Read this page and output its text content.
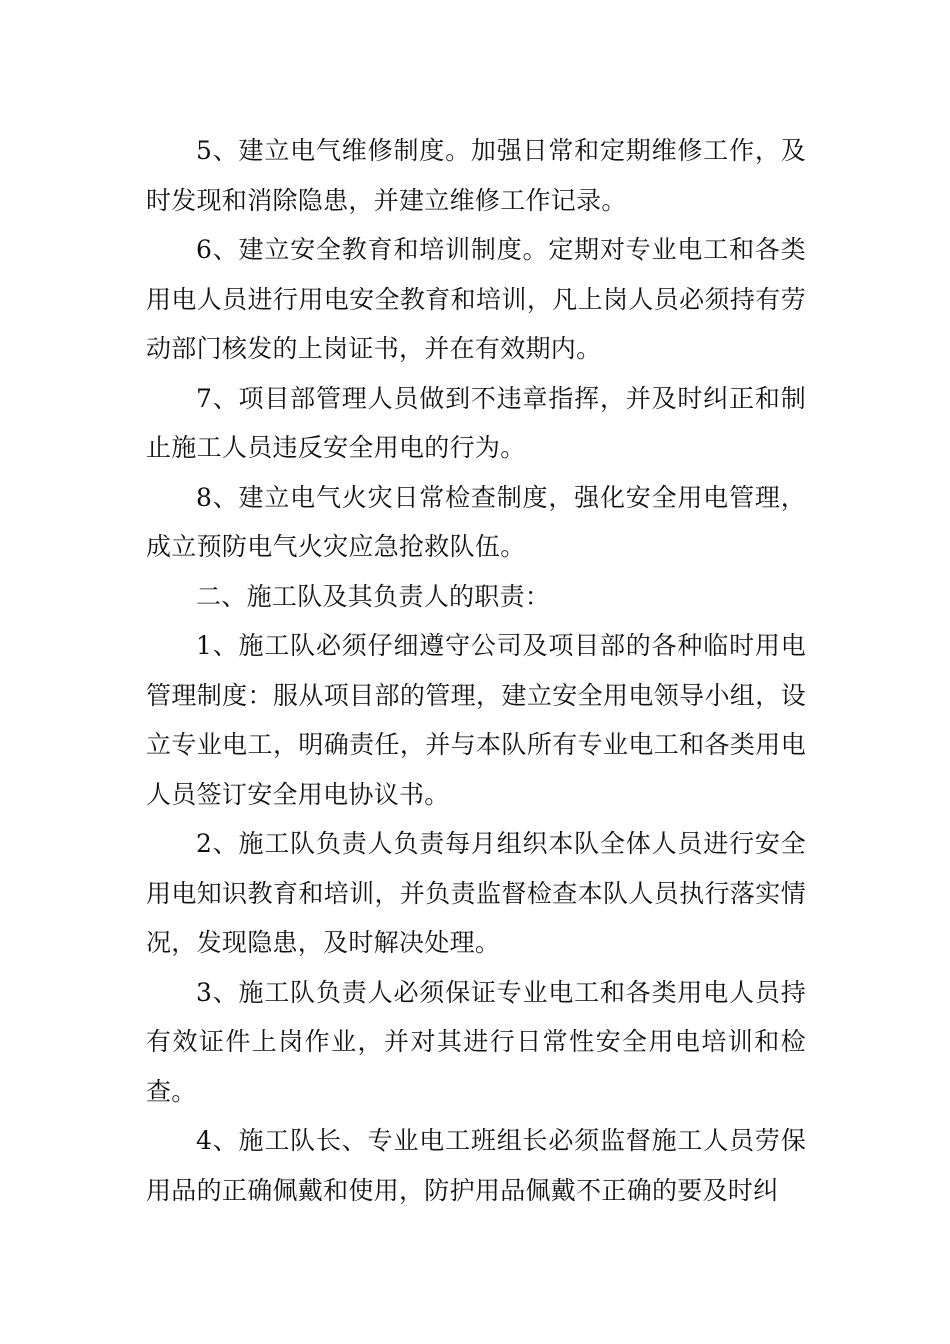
5、建立电气维修制度。加强日常和定期维修工作，及时发现和消除隐患，并建立维修工作记录。

6、建立安全教育和培训制度。定期对专业电工和各类用电人员进行用电安全教育和培训，凡上岗人员必须持有劳动部门核发的上岗证书，并在有效期内。

7、项目部管理人员做到不违章指挥，并及时纠正和制止施工人员违反安全用电的行为。

8、建立电气火灾日常检查制度，强化安全用电管理，成立预防电气火灾应急抢救队伍。

二、施工队及其负责人的职责：

1、施工队必须仔细遵守公司及项目部的各种临时用电管理制度：服从项目部的管理，建立安全用电领导小组，设立专业电工，明确责任，并与本队所有专业电工和各类用电人员签订安全用电协议书。

2、施工队负责人负责每月组织本队全体人员进行安全用电知识教育和培训，并负责监督检查本队人员执行落实情况，发现隐患，及时解决处理。

3、施工队负责人必须保证专业电工和各类用电人员持有效证件上岗作业，并对其进行日常性安全用电培训和检查。

4、施工队长、专业电工班组长必须监督施工人员劳保用品的正确佩戴和使用，防护用品佩戴不正确的要及时纠
